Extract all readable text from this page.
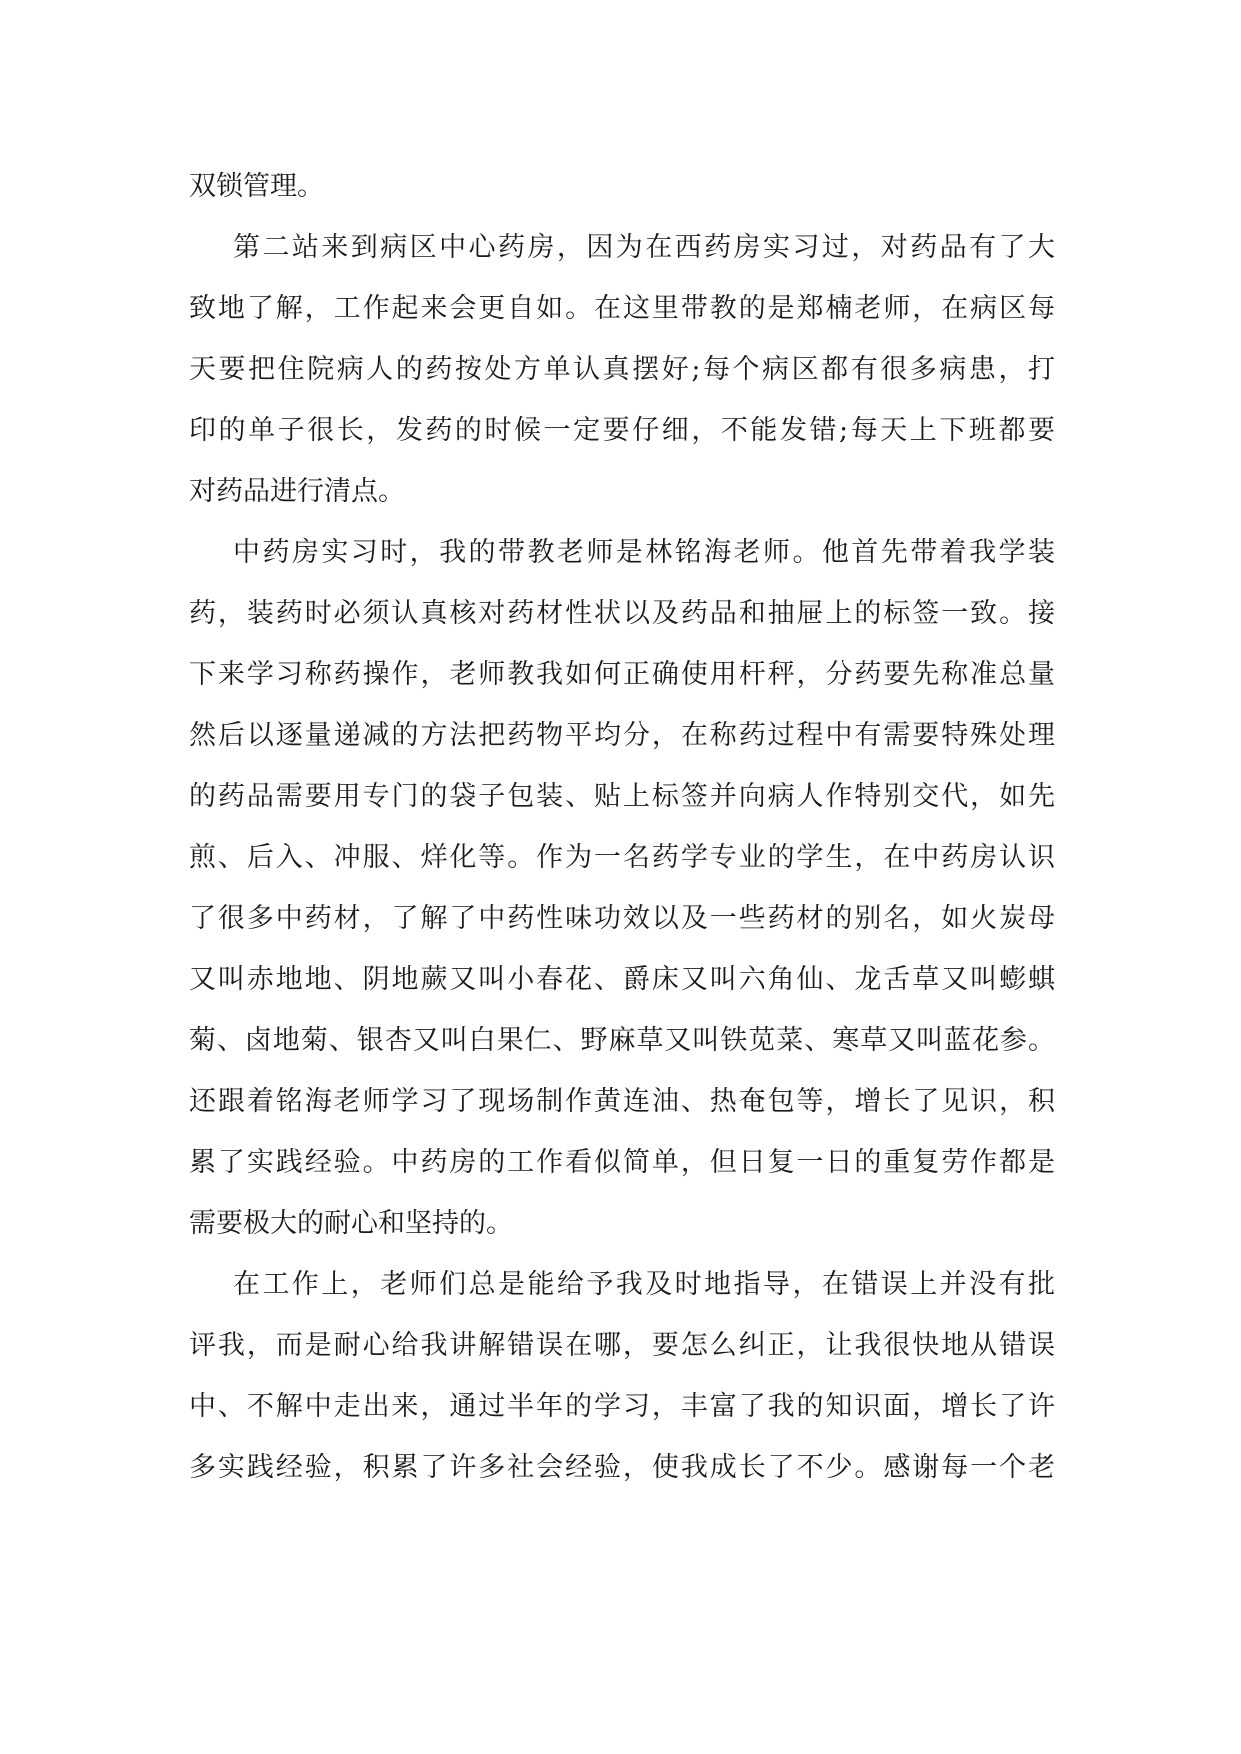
双锁管理。
第二站来到病区中心药房，因为在西药房实习过，对药品有了大
致地了解，工作起来会更自如。在这里带教的是郑楠老师，在病区每
天要把住院病人的药按处方单认真摆好;每个病区都有很多病患，打
印的单子很长，发药的时候一定要仔细，不能发错;每天上下班都要
对药品进行清点。
中药房实习时，我的带教老师是林铭海老师。他首先带着我学装
药，装药时必须认真核对药材性状以及药品和抽屉上的标签一致。接
下来学习称药操作，老师教我如何正确使用杆秤，分药要先称准总量
然后以逐量递减的方法把药物平均分，在称药过程中有需要特殊处理
的药品需要用专门的袋子包装、贴上标签并向病人作特别交代，如先
煎、后入、冲服、烊化等。作为一名药学专业的学生，在中药房认识
了很多中药材，了解了中药性味功效以及一些药材的别名，如火炭母
又叫赤地地、阴地蕨又叫小春花、爵床又叫六角仙、龙舌草又叫蟛蜞
菊、卤地菊、银杏又叫白果仁、野麻草又叫铁苋菜、寒草又叫蓝花参。
还跟着铭海老师学习了现场制作黄连油、热奄包等，增长了见识，积
累了实践经验。中药房的工作看似简单，但日复一日的重复劳作都是
需要极大的耐心和坚持的。
在工作上，老师们总是能给予我及时地指导，在错误上并没有批
评我，而是耐心给我讲解错误在哪，要怎么纠正，让我很快地从错误
中、不解中走出来，通过半年的学习，丰富了我的知识面，增长了许
多实践经验，积累了许多社会经验，使我成长了不少。感谢每一个老
